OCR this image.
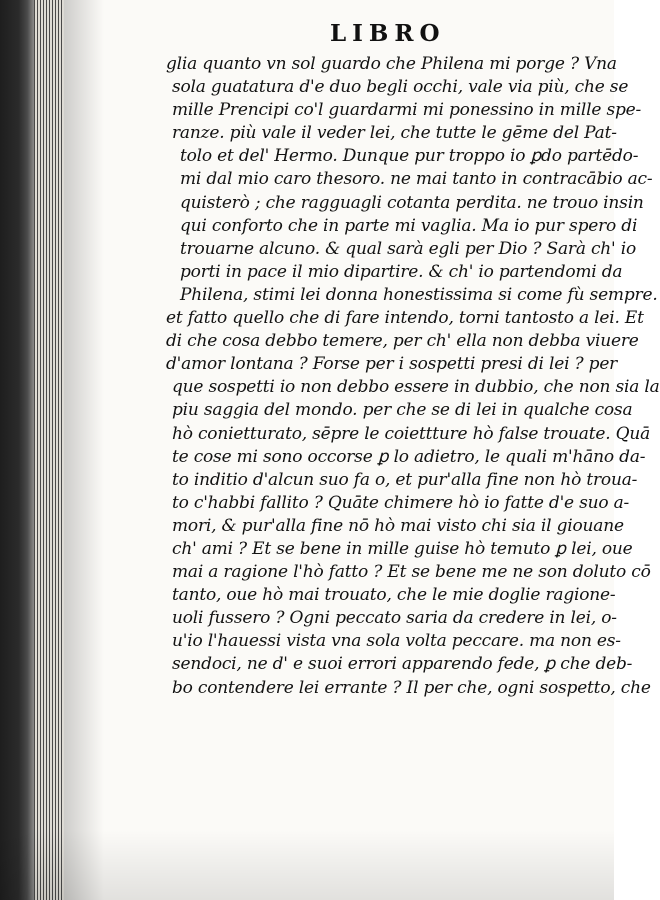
LIBRO
glia quanto vn sol guardo che Philena mi porge ? Vna
sola guatatura d'e duo begli occhi, vale via più, che se
mille Prencipi co'l guardarmi mi ponessino in mille spe-
ranze. più vale il veder lei, che tutte le gēme del Pat-
tolo et del' Hermo. Dunque pur troppo io ꝑdo partēdo-
mi dal mio caro thesoro. ne mai tanto in contracābio ac-
quisterò ; che ragguagli cotanta perdita. ne trouo insin
qui conforto che in parte mi vaglia. Ma io pur spero di
trouarne alcuno. & qual sarà egli per Dio ? Sarà ch' io
porti in pace il mio dipartire. & ch' io partendomi da
Philena, stimi lei donna honestissima si come fù sempre.
et fatto quello che di fare intendo, torni tantosto a lei. Et
di che cosa debbo temere, per ch' ella non debba viuere
d'amor lontana ? Forse per i sospetti presi di lei ? per
que sospetti io non debbo essere in dubbio, che non sia la
piu saggia del mondo. per che se di lei in qualche cosa
hò conietturato, sēpre le coiettture hò false trouate. Quā
te cose mi sono occorse ꝑ lo adietro, le quali m'hāno da-
to inditio d'alcun suo fa o, et pur'alla fine non hò troua-
to c'habbi fallito ? Quāte chimere hò io fatte d'e suo a-
mori, & pur'alla fine nō hò mai visto chi sia il giouane
ch' ami ? Et se bene in mille guise hò temuto ꝑ lei, oue
mai a ragione l'hò fatto ? Et se bene me ne son doluto cō
tanto, oue hò mai trouato, che le mie doglie ragione-
uoli fussero ? Ogni peccato saria da credere in lei, o-
u'io l'hauessi vista vna sola volta peccare. ma non es-
sendoci, ne d' e suoi errori apparendo fede, ꝑ che deb-
bo contendere lei errante ? Il per che, ogni sospetto, che
